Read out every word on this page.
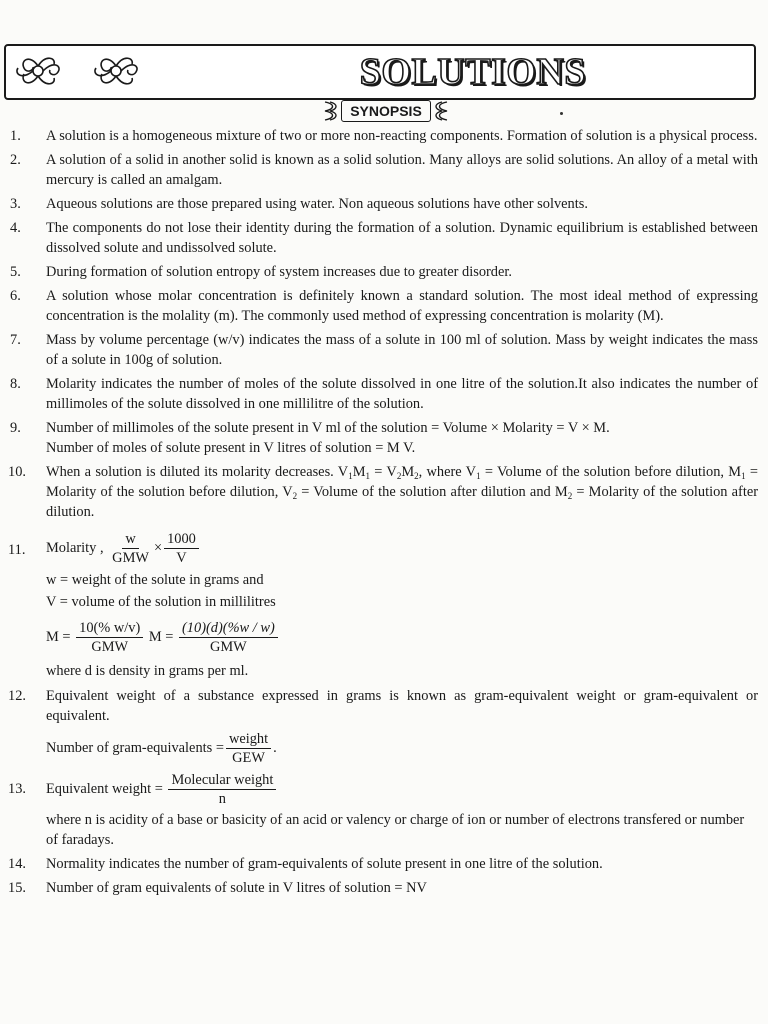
SOLUTIONS
SYNOPSIS
1. A solution is a homogeneous mixture of two or more non-reacting components. Formation of solution is a physical process.
2. A solution of a solid in another solid is known as a solid solution. Many alloys are solid solutions. An alloy of a metal with mercury is called an amalgam.
3. Aqueous solutions are those prepared using water. Non aqueous solutions have other solvents.
4. The components do not lose their identity during the formation of a solution. Dynamic equilibrium is established between dissolved solute and undissolved solute.
5. During formation of solution entropy of system increases due to greater disorder.
6. A solution whose molar concentration is definitely known a standard solution. The most ideal method of expressing concentration is the molality (m). The commonly used method of expressing concentration is molarity (M).
7. Mass by volume percentage (w/v) indicates the mass of a solute in 100 ml of solution. Mass by weight indicates the mass of a solute in 100g of solution.
8. Molarity indicates the number of moles of the solute dissolved in one litre of the solution.It also indicates the number of millimoles of the solute dissolved in one millilitre of the solution.
9. Number of millimoles of the solute present in V ml of the solution = Volume × Molarity = V × M.
Number of moles of solute present in V litres of solution = M V.
10. When a solution is diluted its molarity decreases. $V_1M_1 = V_2M_2$, where $V_1$ = Volume of the solution before dilution, $M_1$ = Molarity of the solution before dilution, $V_2$ = Volume of the solution after dilution and $M_2$ = Molarity of the solution after dilution.
11. Molarity , $\frac{w}{\text{GMW}} \times \frac{1000}{V}$
w = weight of the solute in grams and
V = volume of the solution in millilitres
$M = \frac{10(\% w/v)}{\text{GMW}}$ $M = \frac{(10)(d)(\%w / w)}{\text{GMW}}$
where d is density in grams per ml.
12. Equivalent weight of a substance expressed in grams is known as gram-equivalent weight or gram-equivalent or equivalent.
Number of gram-equivalents = $\frac{\text{weight}}{\text{GEW}}$ .
13. Equivalent weight = $\frac{\text{Molecular weight}}{n}$
where n is acidity of a base or basicity of an acid or valency or charge of ion or number of electrons transfered or number of faradays.
14. Normality indicates the number of gram-equivalents of solute present in one litre of the solution.
15. Number of gram equivalents of solute in V litres of solution = NV
